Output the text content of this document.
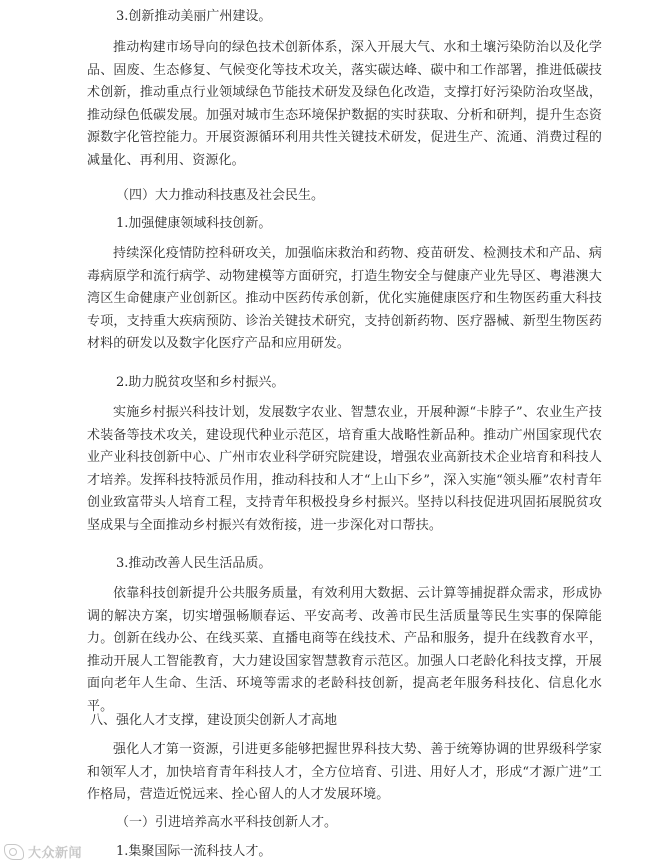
3.创新推动美丽广州建设。

推动构建市场导向的绿色技术创新体系，深入开展大气、水和土壤污染防治以及化学品、固废、生态修复、气候变化等技术攻关，落实碳达峰、碳中和工作部署，推进低碳技术创新，推动重点行业领域绿色节能技术研发及绿色化改造，支撑打好污染防治攻坚战，推动绿色低碳发展。加强对城市生态环境保护数据的实时获取、分析和研判，提升生态资源数字化管控能力。开展资源循环利用共性关键技术研发，促进生产、流通、消费过程的减量化、再利用、资源化。

（四）大力推动科技惠及社会民生。

1.加强健康领域科技创新。

持续深化疫情防控科研攻关，加强临床救治和药物、疫苗研发、检测技术和产品、病毒病原学和流行病学、动物建模等方面研究，打造生物安全与健康产业先导区、粤港澳大湾区生命健康产业创新区。推动中医药传承创新，优化实施健康医疗和生物医药重大科技专项，支持重大疾病预防、诊治关键技术研究，支持创新药物、医疗器械、新型生物医药材料的研发以及数字化医疗产品和应用研发。

2.助力脱贫攻坚和乡村振兴。

实施乡村振兴科技计划，发展数字农业、智慧农业，开展种源“卡脖子”、农业生产技术装备等技术攻关，建设现代种业示范区，培育重大战略性新品种。推动广州国家现代农业产业科技创新中心、广州市农业科学研究院建设，增强农业高新技术企业培育和科技人才培养。发挥科技特派员作用，推动科技和人才“上山下乡”，深入实施“领头雁”农村青年创业致富带头人培育工程，支持青年积极投身乡村振兴。坚持以科技促进巩固拓展脱贫攻坚成果与全面推动乡村振兴有效衔接，进一步深化对口帮扶。

3.推动改善人民生活品质。

依靠科技创新提升公共服务质量，有效利用大数据、云计算等捕捉群众需求，形成协调的解决方案，切实增强畅顺春运、平安高考、改善市民生活质量等民生实事的保障能力。创新在线办公、在线买菜、直播电商等在线技术、产品和服务，提升在线教育水平，推动开展人工智能教育，大力建设国家智慧教育示范区。加强人口老龄化科技支撑，开展面向老年人生命、生活、环境等需求的老龄科技创新，提高老年服务科技化、信息化水平。

八、强化人才支撑，建设顶尖创新人才高地

强化人才第一资源，引进更多能够把握世界科技大势、善于统筹协调的世界级科学家和领军人才，加快培育青年科技人才，全方位培育、引进、用好人才，形成“才源广进”工作格局，营造近悦远来、拴心留人的人才发展环境。

（一）引进培养高水平科技创新人才。

1.集聚国际一流科技人才。

大众新闻
